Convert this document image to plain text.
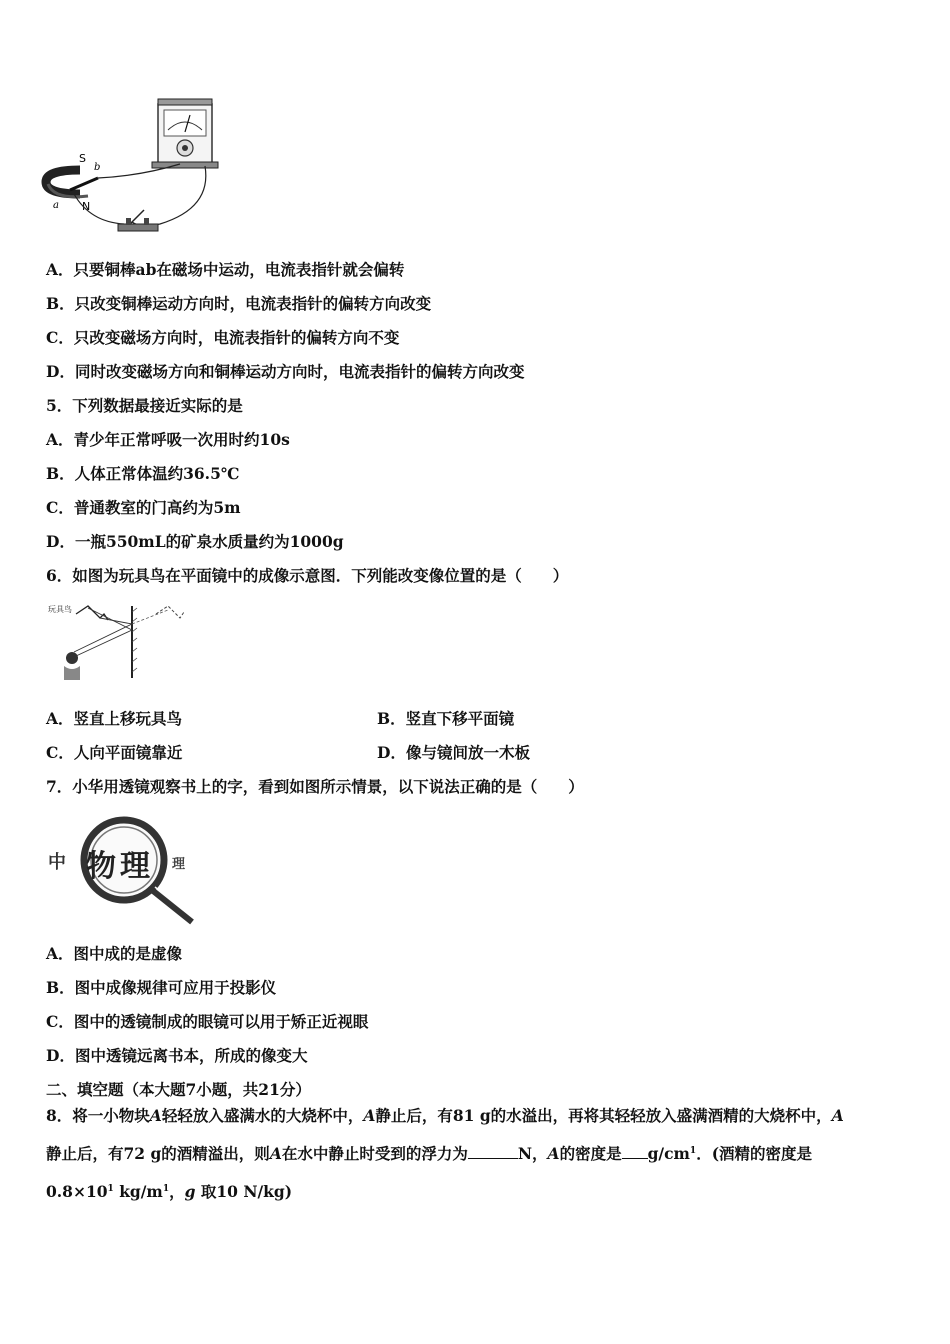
S
b
N
a
A．只要铜棒ab在磁场中运动，电流表指针就会偏转
B．只改变铜棒运动方向时，电流表指针的偏转方向改变
C．只改变磁场方向时，电流表指针的偏转方向不变
D．同时改变磁场方向和铜棒运动方向时，电流表指针的偏转方向改变
5．下列数据最接近实际的是
A．青少年正常呼吸一次用时约10s
B．人体正常体温约36.5℃
C．普通教室的门高约为5m
D．一瓶550mL的矿泉水质量约为1000g
6．如图为玩具鸟在平面镜中的成像示意图．下列能改变像位置的是（　　）
玩具鸟
A．竖直上移玩具鸟	B．竖直下移平面镜
C．人向平面镜靠近	D．像与镜间放一木板
7．小华用透镜观察书上的字，看到如图所示情景，以下说法正确的是（　　）
中 物 理 理
A．图中成的是虚像
B．图中成像规律可应用于投影仪
C．图中的透镜制成的眼镜可以用于矫正近视眼
D．图中透镜远离书本，所成的像变大
二、填空题（本大题7小题，共21分）
8．将一小物块A轻轻放入盛满水的大烧杯中，A静止后，有81 g的水溢出，再将其轻轻放入盛满酒精的大烧杯中，A
静止后，有72 g的酒精溢出，则A在水中静止时受到的浮力为	N，A的密度是 $g/cm^1$．(酒精的密度是
$0.8\times 10^1$ $kg/m^1$，g 取10 N/kg)
